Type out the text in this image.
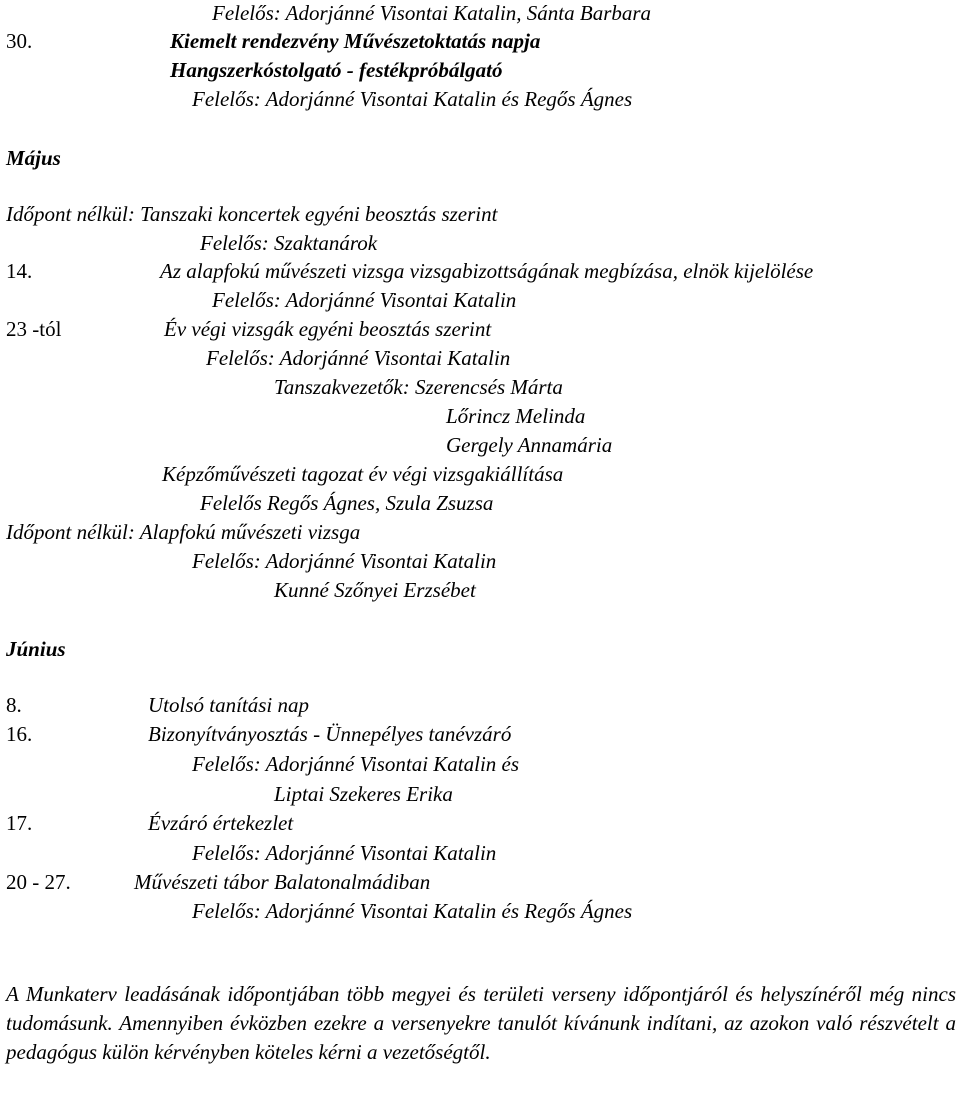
Felelős: Adorjánné Visontai Katalin, Sánta Barbara
30.	Kiemelt rendezvény Művészetoktatás napja
Hangszerkóstolgató - festékpróbálgató
Felelős: Adorjánné Visontai Katalin és Regős Ágnes
Május
Időpont nélkül: Tanszaki koncertek egyéni beosztás szerint
Felelős: Szaktanárok
14.	Az alapfokú művészeti vizsga vizsgabizottságának megbízása, elnök kijelölése
Felelős: Adorjánné Visontai Katalin
23 -tól	Év végi vizsgák egyéni beosztás szerint
Felelős: Adorjánné Visontai Katalin
Tanszakvezetők: Szerencsés Márta
Lőrincz Melinda
Gergely Annamária
Képzőművészeti tagozat év végi vizsgakiállítása
Felelős Regős Ágnes, Szula Zsuzsa
Időpont nélkül: Alapfokú művészeti vizsga
Felelős: Adorjánné Visontai Katalin
Kunné Szőnyei Erzsébet
Június
8.	Utolsó tanítási nap
16.	Bizonyítványosztás - Ünnepélyes tanévzáró
Felelős: Adorjánné Visontai Katalin és
Liptai Szekeres Erika
17.	Évzáró értekezlet
Felelős: Adorjánné Visontai Katalin
20 - 27.	Művészeti tábor Balatonalmádiban
Felelős: Adorjánné Visontai Katalin és Regős Ágnes
A Munkaterv leadásának időpontjában több megyei és területi verseny időpontjáról és helyszínéről még nincs tudomásunk. Amennyiben évközben ezekre a versenyekre tanulót kívánunk indítani, az azokon való részvételt a pedagógus külön kérvényben köteles kérni a vezetőségtől.
